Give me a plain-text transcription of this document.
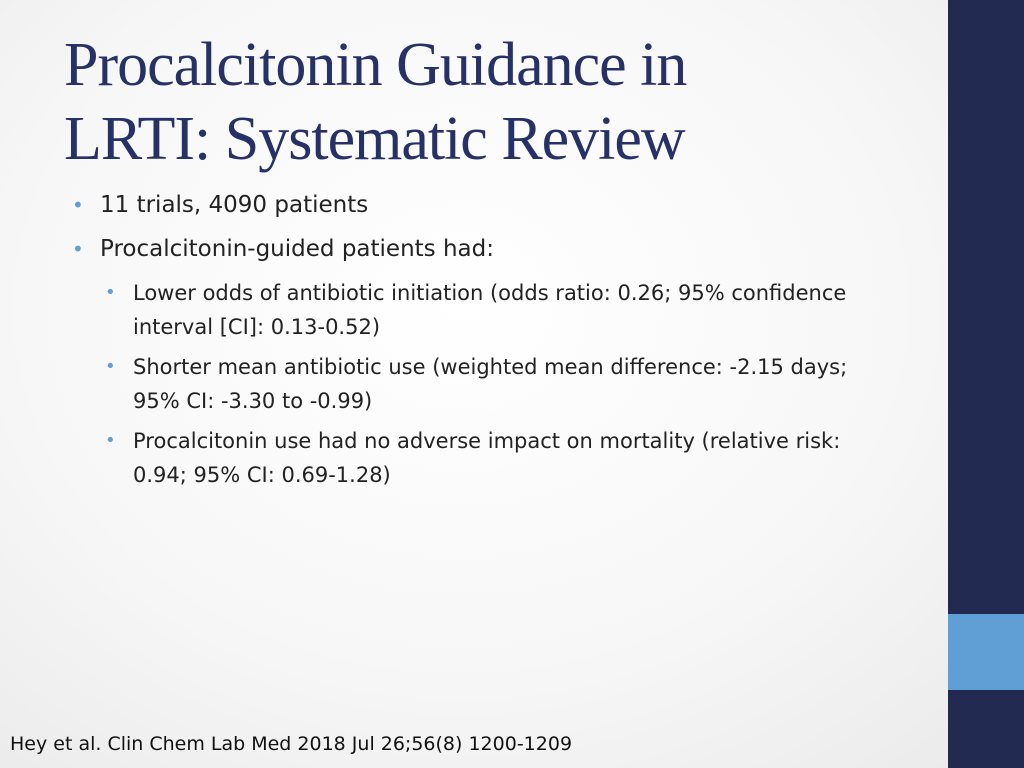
Procalcitonin Guidance in
LRTI: Systematic Review
• 11 trials, 4090 patients
• Procalcitonin-guided patients had:
• Lower odds of antibiotic initiation (odds ratio: 0.26; 95% confidence interval [CI]: 0.13-0.52)
• Shorter mean antibiotic use (weighted mean difference: -2.15 days; 95% CI: -3.30 to -0.99)
• Procalcitonin use had no adverse impact on mortality (relative risk: 0.94; 95% CI: 0.69-1.28)
Hey et al. Clin Chem Lab Med 2018 Jul 26;56(8) 1200-1209
